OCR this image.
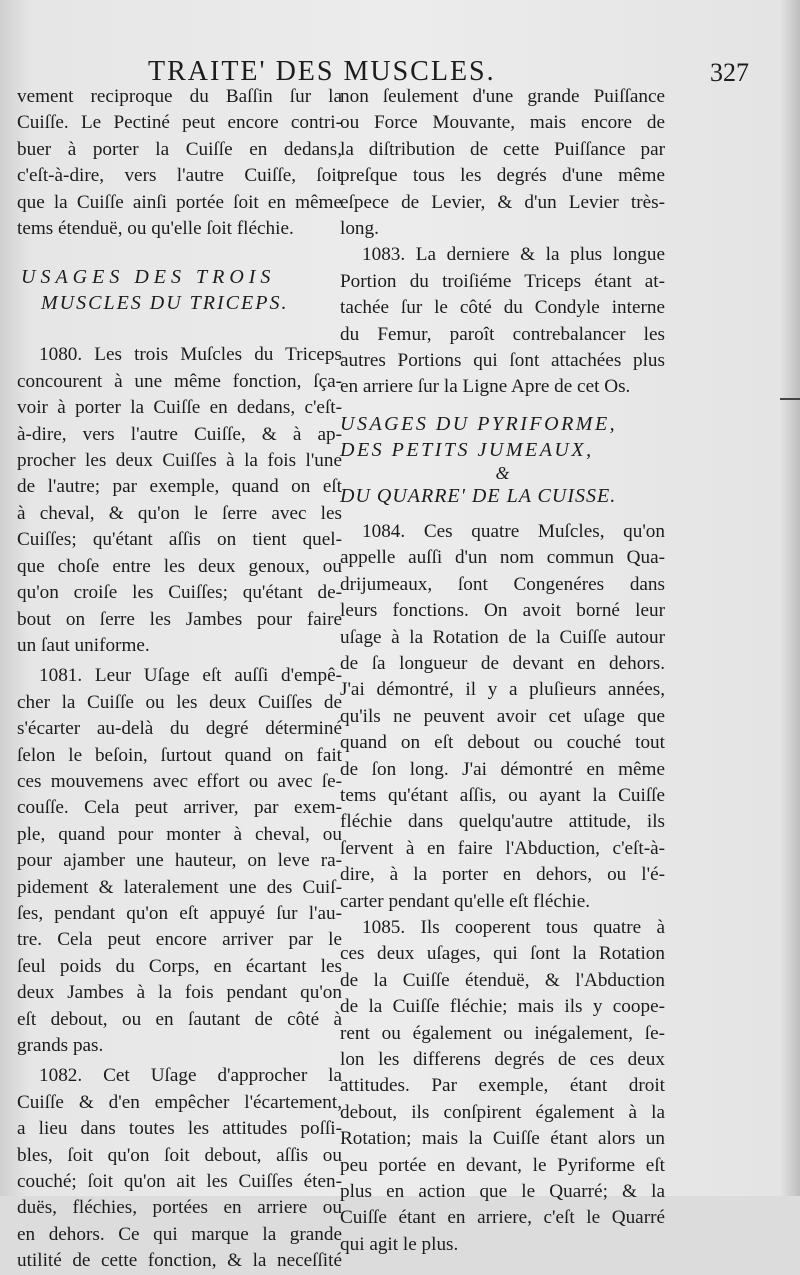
TRAITE' DES MUSCLES.	327

vement reciproque du Baſſin ſur la

Cuiſſe. Le Pectiné peut encore contri-

buer à porter la Cuiſſe en dedans,

c'eſt-à-dire, vers l'autre Cuiſſe, ſoit

que la Cuiſſe ainſi portée ſoit en même

tems étenduë, ou qu'elle ſoit fléchie.

USAGES DES TROIS
MUSCLES DU TRICEPS.

1080. Les trois Muſcles du Triceps

concourent à une même fonction, ſça-

voir à porter la Cuiſſe en dedans, c'eſt-

à-dire, vers l'autre Cuiſſe, & à ap-

procher les deux Cuiſſes à la fois l'une

de l'autre; par exemple, quand on eſt

à cheval, & qu'on le ſerre avec les

Cuiſſes; qu'étant aſſis on tient quel-

que choſe entre les deux genoux, ou

qu'on croiſe les Cuiſſes; qu'étant de-

bout on ſerre les Jambes pour faire

un ſaut uniforme.

1081. Leur Uſage eſt auſſi d'empê-

cher la Cuiſſe ou les deux Cuiſſes de

s'écarter au-delà du degré déterminé

ſelon le beſoin, ſurtout quand on fait

ces mouvemens avec effort ou avec ſe-

couſſe. Cela peut arriver, par exem-

ple, quand pour monter à cheval, ou

pour ajamber une hauteur, on leve ra-

pidement & lateralement une des Cuiſ-

ſes, pendant qu'on eſt appuyé ſur l'au-

tre. Cela peut encore arriver par le

ſeul poids du Corps, en écartant les

deux Jambes à la fois pendant qu'on

eſt debout, ou en ſautant de côté à

grands pas.

1082. Cet Uſage d'approcher la

Cuiſſe & d'en empêcher l'écartement,

a lieu dans toutes les attitudes poſſi-

bles, ſoit qu'on ſoit debout, aſſis ou

couché; ſoit qu'on ait les Cuiſſes éten-

duës, fléchies, portées en arriere ou

en dehors. Ce qui marque la grande

utilité de cette fonction, & la neceſſité

non ſeulement d'une grande Puiſſance

ou Force Mouvante, mais encore de

la diſtribution de cette Puiſſance par

preſque tous les degrés d'une même

eſpece de Levier, & d'un Levier très-

long.

1083. La derniere & la plus longue

Portion du troiſiéme Triceps étant at-

tachée ſur le côté du Condyle interne

du Femur, paroît contrebalancer les

autres Portions qui ſont attachées plus

en arriere ſur la Ligne Apre de cet Os.

USAGES DU PYRIFORME,
DES PETITS JUMEAUX,
&
DU QUARRE' DE LA CUISSE.

1084. Ces quatre Muſcles, qu'on

appelle auſſi d'un nom commun Qua-

drijumeaux, ſont Congenéres dans

leurs fonctions. On avoit borné leur

uſage à la Rotation de la Cuiſſe autour

de ſa longueur de devant en dehors.

J'ai démontré, il y a pluſieurs années,

qu'ils ne peuvent avoir cet uſage que

quand on eſt debout ou couché tout

de ſon long. J'ai démontré en même

tems qu'étant aſſis, ou ayant la Cuiſſe

fléchie dans quelqu'autre attitude, ils

ſervent à en faire l'Abduction, c'eſt-à-

dire, à la porter en dehors, ou l'é-

carter pendant qu'elle eſt fléchie.

1085. Ils cooperent tous quatre à

ces deux uſages, qui ſont la Rotation

de la Cuiſſe étenduë, & l'Abduction

de la Cuiſſe fléchie; mais ils y coope-

rent ou également ou inégalement, ſe-

lon les differens degrés de ces deux

attitudes. Par exemple, étant droit

debout, ils conſpirent également à la

Rotation; mais la Cuiſſe étant alors un

peu portée en devant, le Pyriforme eſt

plus en action que le Quarré; & la

Cuiſſe étant en arriere, c'eſt le Quarré

qui agit le plus.
